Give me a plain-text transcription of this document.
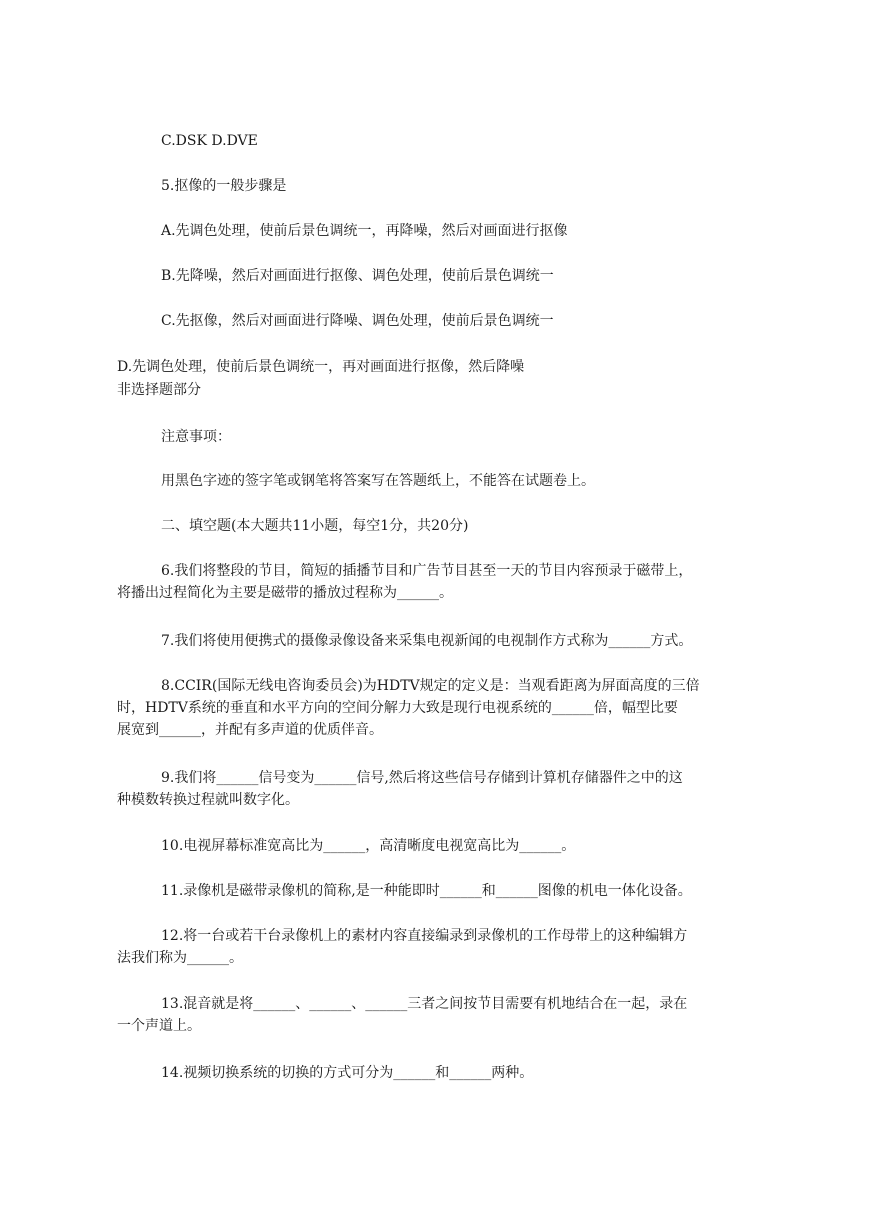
C.DSK D.DVE

5.抠像的一般步骤是

A.先调色处理，使前后景色调统一，再降噪，然后对画面进行抠像

B.先降噪，然后对画面进行抠像、调色处理，使前后景色调统一

C.先抠像，然后对画面进行降噪、调色处理，使前后景色调统一

D.先调色处理，使前后景色调统一，再对画面进行抠像，然后降噪

非选择题部分

注意事项：

用黑色字迹的签字笔或钢笔将答案写在答题纸上，不能答在试题卷上。

二、填空题(本大题共11小题，每空1分，共20分)

6.我们将整段的节目，简短的插播节目和广告节目甚至一天的节目内容预录于磁带上，
将播出过程简化为主要是磁带的播放过程称为______。

7.我们将使用便携式的摄像录像设备来采集电视新闻的电视制作方式称为______方式。

8.CCIR(国际无线电咨询委员会)为HDTV规定的定义是：当观看距离为屏面高度的三倍
时，HDTV系统的垂直和水平方向的空间分解力大致是现行电视系统的______倍，幅型比要
展宽到______，并配有多声道的优质伴音。
9.我们将______信号变为______信号,然后将这些信号存储到计算机存储器件之中的这
种模数转换过程就叫数字化。

10.电视屏幕标准宽高比为______，高清晰度电视宽高比为______。

11.录像机是磁带录像机的简称,是一种能即时______和______图像的机电一体化设备。

12.将一台或若干台录像机上的素材内容直接编录到录像机的工作母带上的这种编辑方
法我们称为______。
13.混音就是将______、______、______三者之间按节目需要有机地结合在一起，录在
一个声道上。

14.视频切换系统的切换的方式可分为______和______两种。
